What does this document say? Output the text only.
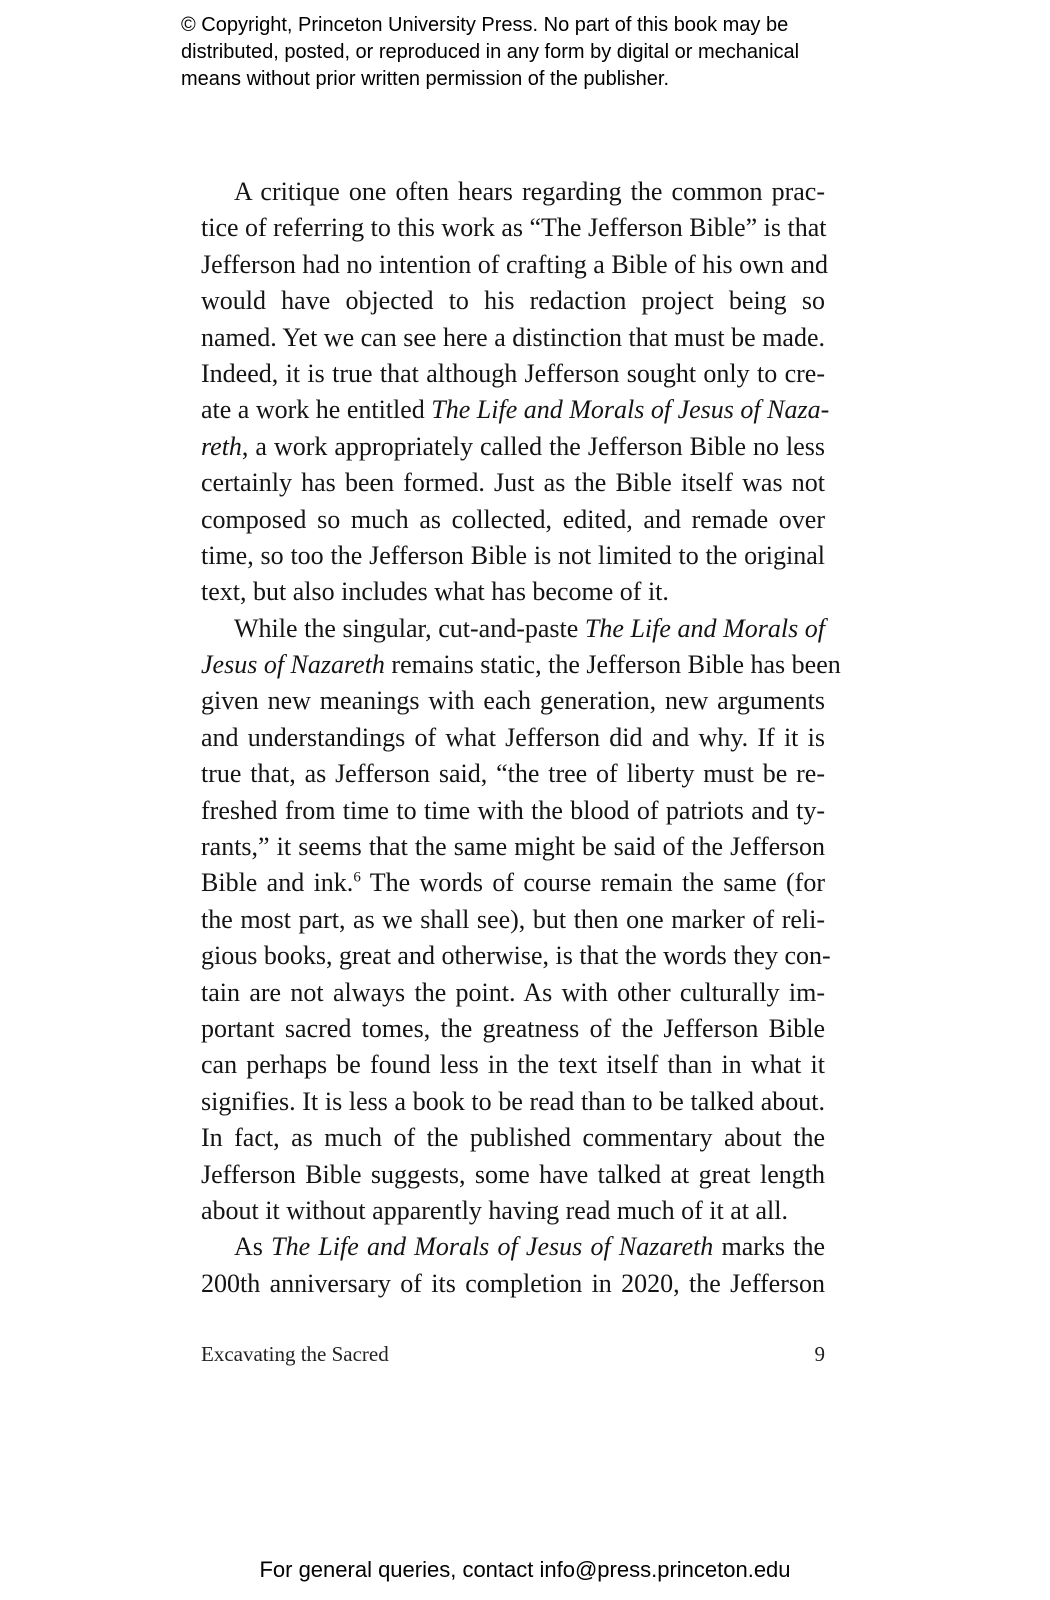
© Copyright, Princeton University Press. No part of this book may be
distributed, posted, or reproduced in any form by digital or mechanical
means without prior written permission of the publisher.
A critique one often hears regarding the common prac-
tice of referring to this work as “The Jefferson Bible” is that
Jefferson had no intention of crafting a Bible of his own and
would have objected to his redaction project being so
named. Yet we can see here a distinction that must be made.
Indeed, it is true that although Jefferson sought only to cre-
ate a work he entitled The Life and Morals of Jesus of Naza-
reth, a work appropriately called the Jefferson Bible no less
certainly has been formed. Just as the Bible itself was not
composed so much as collected, edited, and remade over
time, so too the Jefferson Bible is not limited to the original
text, but also includes what has become of it.
While the singular, cut-and-paste The Life and Morals of
Jesus of Nazareth remains static, the Jefferson Bible has been
given new meanings with each generation, new arguments
and understandings of what Jefferson did and why. If it is
true that, as Jefferson said, “the tree of liberty must be re-
freshed from time to time with the blood of patriots and ty-
rants,” it seems that the same might be said of the Jefferson
Bible and ink.$^6$ The words of course remain the same (for
the most part, as we shall see), but then one marker of reli-
gious books, great and otherwise, is that the words they con-
tain are not always the point. As with other culturally im-
portant sacred tomes, the greatness of the Jefferson Bible
can perhaps be found less in the text itself than in what it
signifies. It is less a book to be read than to be talked about.
In fact, as much of the published commentary about the
Jefferson Bible suggests, some have talked at great length
about it without apparently having read much of it at all.
As The Life and Morals of Jesus of Nazareth marks the
200th anniversary of its completion in 2020, the Jefferson
Excavating the Sacred	9
For general queries, contact info@press.princeton.edu
